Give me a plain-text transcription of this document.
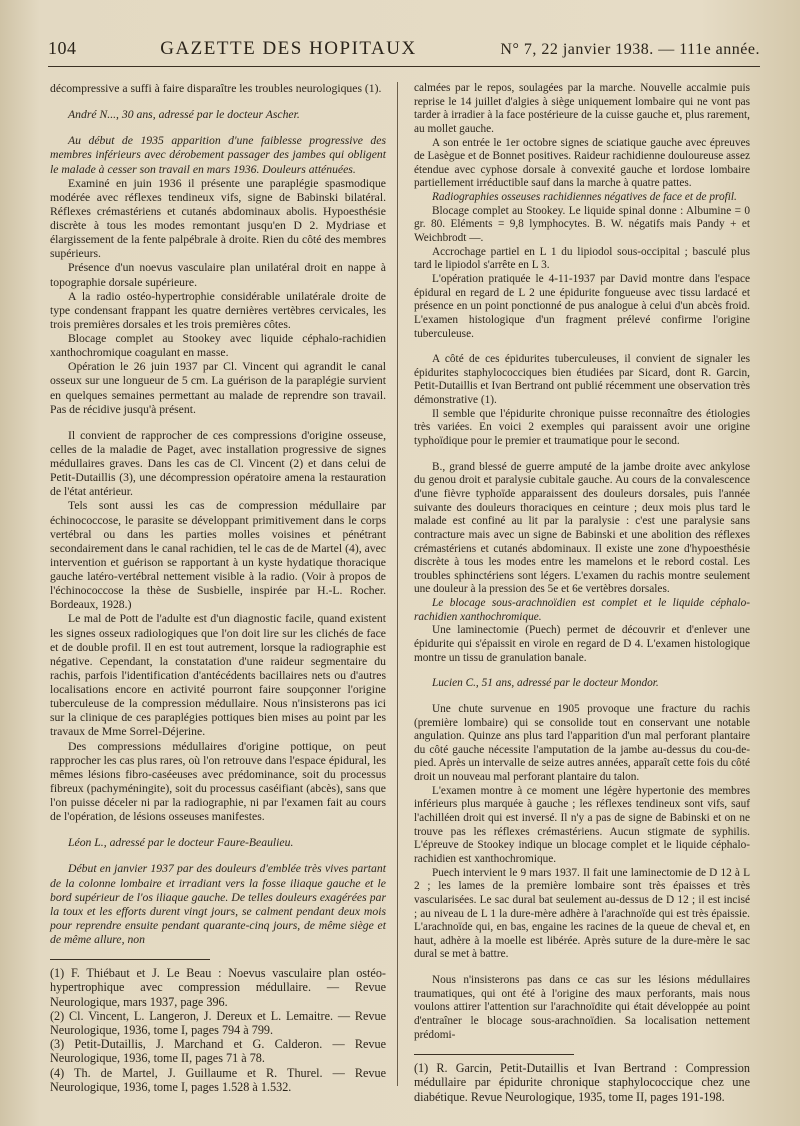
104	GAZETTE DES HOPITAUX	N° 7, 22 janvier 1938. — 111e année.

décompressive a suffi à faire disparaître les troubles neurologiques (1).

André N..., 30 ans, adressé par le docteur Ascher.

Au début de 1935 apparition d'une faiblesse progressive des membres inférieurs avec dérobement passager des jambes qui obligent le malade à cesser son travail en mars 1936. Douleurs atténuées.

Examiné en juin 1936 il présente une paraplégie spasmodique modérée avec réflexes tendineux vifs, signe de Babinski bilatéral. Réflexes crémastériens et cutanés abdominaux abolis. Hypoesthésie discrète à tous les modes remontant jusqu'en D 2. Mydriase et élargissement de la fente palpébrale à droite. Rien du côté des membres supérieurs.

Présence d'un noevus vasculaire plan unilatéral droit en nappe à topographie dorsale supérieure.

A la radio ostéo-hypertrophie considérable unilatérale droite de type condensant frappant les quatre dernières vertèbres cervicales, les trois premières dorsales et les trois premières côtes.

Blocage complet au Stookey avec liquide céphalo-rachidien xanthochromique coagulant en masse.

Opération le 26 juin 1937 par Cl. Vincent qui agrandit le canal osseux sur une longueur de 5 cm. La guérison de la paraplégie survient en quelques semaines permettant au malade de reprendre son travail. Pas de récidive jusqu'à présent.

Il convient de rapprocher de ces compressions d'origine osseuse, celles de la maladie de Paget, avec installation progressive de signes médullaires graves. Dans les cas de Cl. Vincent (2) et dans celui de Petit-Dutaillis (3), une décompression opératoire amena la restauration de l'état antérieur.

Tels sont aussi les cas de compression médullaire par échinococcose, le parasite se développant primitivement dans le corps vertébral ou dans les parties molles voisines et pénétrant secondairement dans le canal rachidien, tel le cas de de Martel (4), avec intervention et guérison se rapportant à un kyste hydatique thoracique gauche latéro-vertébral nettement visible à la radio. (Voir à propos de l'échinococcose la thèse de Susbielle, inspirée par H.-L. Rocher. Bordeaux, 1928.)

Le mal de Pott de l'adulte est d'un diagnostic facile, quand existent les signes osseux radiologiques que l'on doit lire sur les clichés de face et de double profil. Il en est tout autrement, lorsque la radiographie est négative. Cependant, la constatation d'une raideur segmentaire du rachis, parfois l'identification d'antécédents bacillaires nets ou d'autres localisations encore en activité pourront faire soupçonner l'origine tuberculeuse de la compression médullaire. Nous n'insisterons pas ici sur la clinique de ces paraplégies pottiques bien mises au point par les travaux de Mme Sorrel-Déjerine.

Des compressions médullaires d'origine pottique, on peut rapprocher les cas plus rares, où l'on retrouve dans l'espace épidural, les mêmes lésions fibro-caséeuses avec prédominance, soit du processus fibreux (pachyméningite), soit du processus caséifiant (abcès), sans que l'on puisse déceler ni par la radiographie, ni par l'examen fait au cours de l'opération, de lésions osseuses manifestes.

Léon L., adressé par le docteur Faure-Beaulieu.

Début en janvier 1937 par des douleurs d'emblée très vives partant de la colonne lombaire et irradiant vers la fosse iliaque gauche et le bord supérieur de l'os iliaque gauche. De telles douleurs exagérées par la toux et les efforts durent vingt jours, se calment pendant deux mois pour reprendre ensuite pendant quarante-cinq jours, de même siège et de même allure, non

(1) F. Thiébaut et J. Le Beau : Noevus vasculaire plan ostéo-hypertrophique avec compression médullaire. — Revue Neurologique, mars 1937, page 396.

(2) Cl. Vincent, L. Langeron, J. Dereux et L. Lemaitre. — Revue Neurologique, 1936, tome I, pages 794 à 799.

(3) Petit-Dutaillis, J. Marchand et G. Calderon. — Revue Neurologique, 1936, tome II, pages 71 à 78.

(4) Th. de Martel, J. Guillaume et R. Thurel. — Revue Neurologique, 1936, tome I, pages 1.528 à 1.532.

calmées par le repos, soulagées par la marche. Nouvelle accalmie puis reprise le 14 juillet d'algies à siège uniquement lombaire qui ne vont pas tarder à irradier à la face postérieure de la cuisse gauche et, plus rarement, au mollet gauche.

A son entrée le 1er octobre signes de sciatique gauche avec épreuves de Lasègue et de Bonnet positives. Raideur rachidienne douloureuse assez étendue avec cyphose dorsale à convexité gauche et lordose lombaire partiellement irréductible sauf dans la marche à quatre pattes.

Radiographies osseuses rachidiennes négatives de face et de profil.

Blocage complet au Stookey. Le liquide spinal donne : Albumine = 0 gr. 80. Eléments = 9,8 lymphocytes. B. W. négatifs mais Pandy + et Weichbrodt —.

Accrochage partiel en L 1 du lipiodol sous-occipital ; basculé plus tard le lipiodol s'arrête en L 3.

L'opération pratiquée le 4-11-1937 par David montre dans l'espace épidural en regard de L 2 une épidurite fongueuse avec tissu lardacé et présence en un point ponctionné de pus analogue à celui d'un abcès froid. L'examen histologique d'un fragment prélevé confirme l'origine tuberculeuse.

A côté de ces épidurites tuberculeuses, il convient de signaler les épidurites staphylococciques bien étudiées par Sicard, dont R. Garcin, Petit-Dutaillis et Ivan Bertrand ont publié récemment une observation très démonstrative (1).

Il semble que l'épidurite chronique puisse reconnaître des étiologies très variées. En voici 2 exemples qui paraissent avoir une origine typhoïdique pour le premier et traumatique pour le second.

B., grand blessé de guerre amputé de la jambe droite avec ankylose du genou droit et paralysie cubitale gauche. Au cours de la convalescence d'une fièvre typhoïde apparaissent des douleurs dorsales, puis l'année suivante des douleurs thoraciques en ceinture ; deux mois plus tard le malade est confiné au lit par la paralysie : c'est une paralysie sans contracture mais avec un signe de Babinski et une abolition des réflexes crémastériens et cutanés abdominaux. Il existe une zone d'hypoesthésie discrète à tous les modes entre les mamelons et le rebord costal. Les troubles sphinctériens sont légers. L'examen du rachis montre seulement une douleur à la pression des 5e et 6e vertèbres dorsales.

Le blocage sous-arachnoïdien est complet et le liquide céphalo-rachidien xanthochromique.

Une laminectomie (Puech) permet de découvrir et d'enlever une épidurite qui s'épaissit en virole en regard de D 4. L'examen histologique montre un tissu de granulation banale.

Lucien C., 51 ans, adressé par le docteur Mondor.

Une chute survenue en 1905 provoque une fracture du rachis (première lombaire) qui se consolide tout en conservant une notable angulation. Quinze ans plus tard l'apparition d'un mal perforant plantaire du côté gauche nécessite l'amputation de la jambe au-dessus du cou-de-pied. Après un intervalle de seize autres années, apparaît cette fois du côté droit un nouveau mal perforant plantaire du talon.

L'examen montre à ce moment une légère hypertonie des membres inférieurs plus marquée à gauche ; les réflexes tendineux sont vifs, sauf l'achilléen droit qui est inversé. Il n'y a pas de signe de Babinski et on ne trouve pas les réflexes crémastériens. Aucun stigmate de syphilis. L'épreuve de Stookey indique un blocage complet et le liquide céphalo-rachidien est xanthochromique.

Puech intervient le 9 mars 1937. Il fait une laminectomie de D 12 à L 2 ; les lames de la première lombaire sont très épaisses et très vascularisées. Le sac dural bat seulement au-dessus de D 12 ; il est incisé ; au niveau de L 1 la dure-mère adhère à l'arachnoïde qui est très épaissie. L'arachnoïde qui, en bas, engaine les racines de la queue de cheval et, en haut, adhère à la moelle est libérée. Après suture de la dure-mère le sac dural se met à battre.

Nous n'insisterons pas dans ce cas sur les lésions médullaires traumatiques, qui ont été à l'origine des maux perforants, mais nous voulons attirer l'attention sur l'arachnoïdite qui était développée au point d'entraîner le blocage sous-arachnoïdien. Sa localisation nettement prédomi-

(1) R. Garcin, Petit-Dutaillis et Ivan Bertrand : Compression médullaire par épidurite chronique staphylococcique chez une diabétique. Revue Neurologique, 1935, tome II, pages 191-198.
